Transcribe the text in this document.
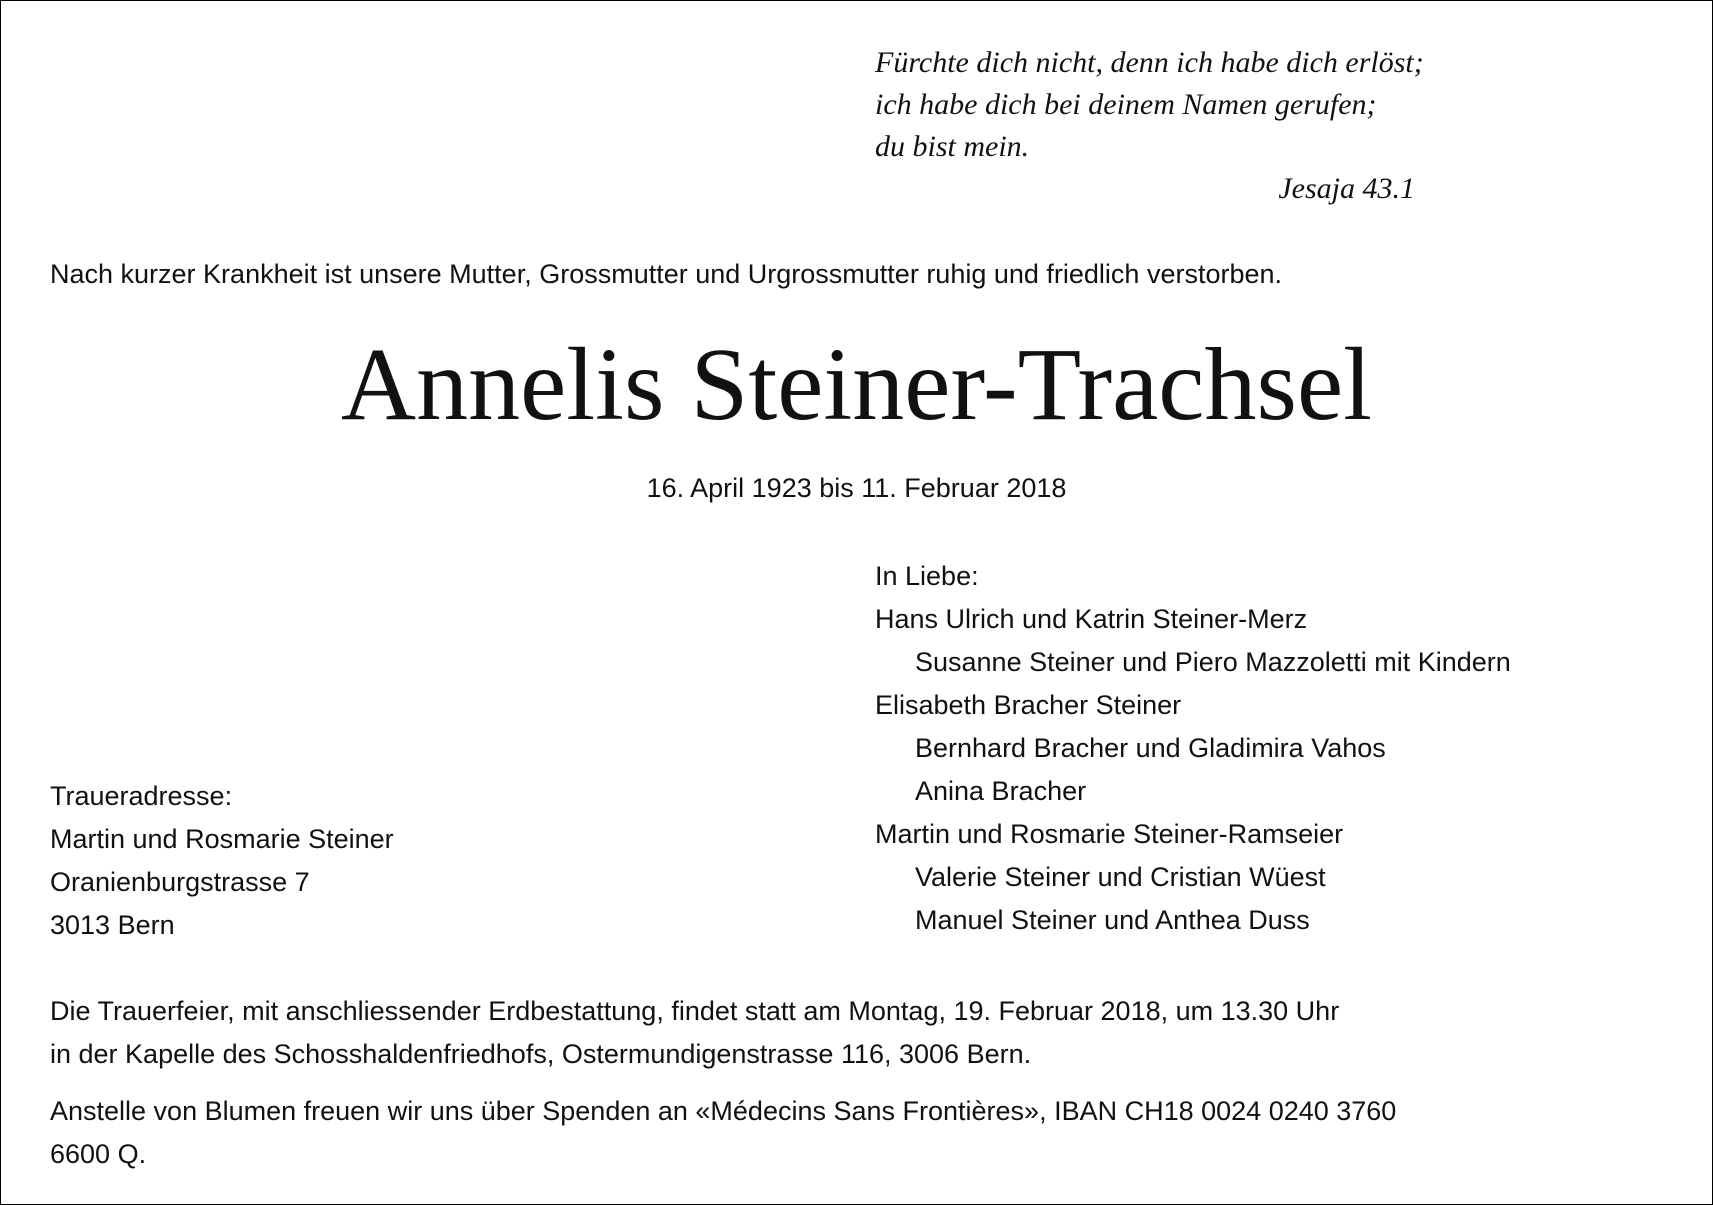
Fürchte dich nicht, denn ich habe dich erlöst;
ich habe dich bei deinem Namen gerufen;
du bist mein.
Jesaja 43.1
Nach kurzer Krankheit ist unsere Mutter, Grossmutter und Urgrossmutter ruhig und friedlich verstorben.
Annelis Steiner-Trachsel
16. April 1923 bis 11. Februar 2018
In Liebe:
Hans Ulrich und Katrin Steiner-Merz
Susanne Steiner und Piero Mazzoletti mit Kindern
Elisabeth Bracher Steiner
Bernhard Bracher und Gladimira Vahos
Anina Bracher
Martin und Rosmarie Steiner-Ramseier
Valerie Steiner und Cristian Wüest
Manuel Steiner und Anthea Duss
Traueradresse:
Martin und Rosmarie Steiner
Oranienburgstrasse 7
3013 Bern
Die Trauerfeier, mit anschliessender Erdbestattung, findet statt am Montag, 19. Februar 2018, um 13.30 Uhr
in der Kapelle des Schosshaldenfriedhofs, Ostermundigenstrasse 116, 3006 Bern.
Anstelle von Blumen freuen wir uns über Spenden an «Médecins Sans Frontières», IBAN CH18 0024 0240 3760
6600 Q.
